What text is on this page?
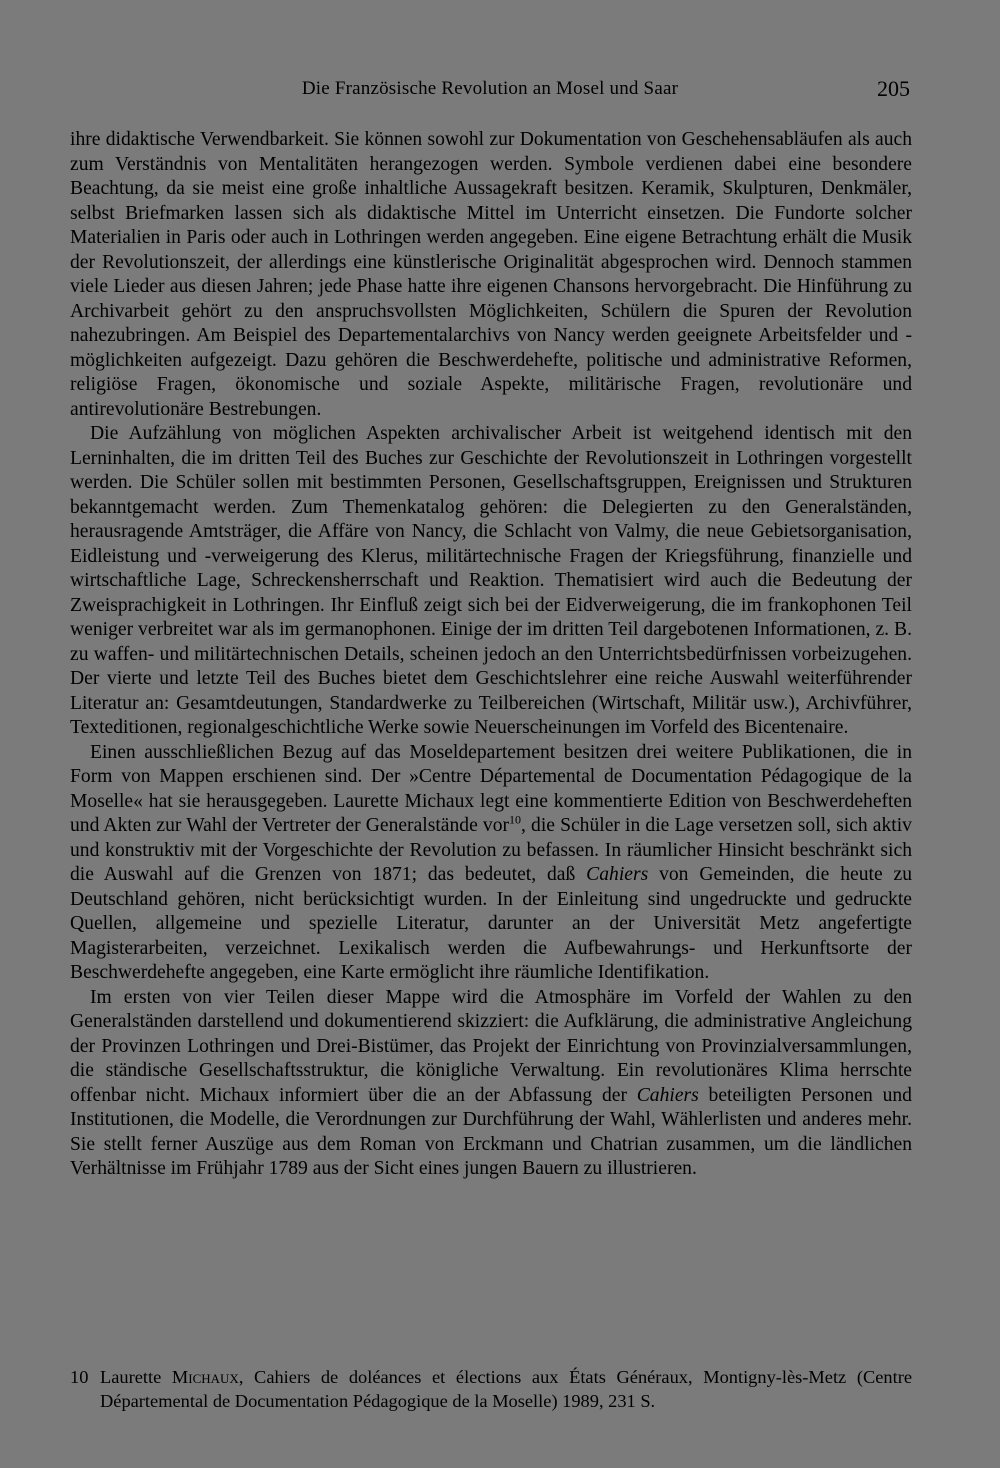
Die Französische Revolution an Mosel und Saar	205

ihre didaktische Verwendbarkeit. Sie können sowohl zur Dokumentation von Geschehensabläufen als auch zum Verständnis von Mentalitäten herangezogen werden. Symbole verdienen dabei eine besondere Beachtung, da sie meist eine große inhaltliche Aussagekraft besitzen. Keramik, Skulpturen, Denkmäler, selbst Briefmarken lassen sich als didaktische Mittel im Unterricht einsetzen. Die Fundorte solcher Materialien in Paris oder auch in Lothringen werden angegeben. Eine eigene Betrachtung erhält die Musik der Revolutionszeit, der allerdings eine künstlerische Originalität abgesprochen wird. Dennoch stammen viele Lieder aus diesen Jahren; jede Phase hatte ihre eigenen Chansons hervorgebracht. Die Hinführung zu Archivarbeit gehört zu den anspruchsvollsten Möglichkeiten, Schülern die Spuren der Revolution nahezubringen. Am Beispiel des Departementalarchivs von Nancy werden geeignete Arbeitsfelder und -möglichkeiten aufgezeigt. Dazu gehören die Beschwerdehefte, politische und administrative Reformen, religiöse Fragen, ökonomische und soziale Aspekte, militärische Fragen, revolutionäre und antirevolutionäre Bestrebungen.

Die Aufzählung von möglichen Aspekten archivalischer Arbeit ist weitgehend identisch mit den Lerninhalten, die im dritten Teil des Buches zur Geschichte der Revolutionszeit in Lothringen vorgestellt werden. Die Schüler sollen mit bestimmten Personen, Gesellschaftsgruppen, Ereignissen und Strukturen bekanntgemacht werden. Zum Themenkatalog gehören: die Delegierten zu den Generalständen, herausragende Amtsträger, die Affäre von Nancy, die Schlacht von Valmy, die neue Gebietsorganisation, Eidleistung und -verweigerung des Klerus, militärtechnische Fragen der Kriegsführung, finanzielle und wirtschaftliche Lage, Schreckensherrschaft und Reaktion. Thematisiert wird auch die Bedeutung der Zweisprachigkeit in Lothringen. Ihr Einfluß zeigt sich bei der Eidverweigerung, die im frankophonen Teil weniger verbreitet war als im germanophonen. Einige der im dritten Teil dargebotenen Informationen, z. B. zu waffen- und militärtechnischen Details, scheinen jedoch an den Unterrichtsbedürfnissen vorbeizugehen. Der vierte und letzte Teil des Buches bietet dem Geschichtslehrer eine reiche Auswahl weiterführender Literatur an: Gesamtdeutungen, Standardwerke zu Teilbereichen (Wirtschaft, Militär usw.), Archivführer, Texteditionen, regionalgeschichtliche Werke sowie Neuerscheinungen im Vorfeld des Bicentenaire.

Einen ausschließlichen Bezug auf das Moseldepartement besitzen drei weitere Publikationen, die in Form von Mappen erschienen sind. Der »Centre Départemental de Documentation Pédagogique de la Moselle« hat sie herausgegeben. Laurette Michaux legt eine kommentierte Edition von Beschwerdeheften und Akten zur Wahl der Vertreter der Generalstände vor$^{10}$, die Schüler in die Lage versetzen soll, sich aktiv und konstruktiv mit der Vorgeschichte der Revolution zu befassen. In räumlicher Hinsicht beschränkt sich die Auswahl auf die Grenzen von 1871; das bedeutet, daß Cahiers von Gemeinden, die heute zu Deutschland gehören, nicht berücksichtigt wurden. In der Einleitung sind ungedruckte und gedruckte Quellen, allgemeine und spezielle Literatur, darunter an der Universität Metz angefertigte Magisterarbeiten, verzeichnet. Lexikalisch werden die Aufbewahrungs- und Herkunftsorte der Beschwerdehefte angegeben, eine Karte ermöglicht ihre räumliche Identifikation.

Im ersten von vier Teilen dieser Mappe wird die Atmosphäre im Vorfeld der Wahlen zu den Generalständen darstellend und dokumentierend skizziert: die Aufklärung, die administrative Angleichung der Provinzen Lothringen und Drei-Bistümer, das Projekt der Einrichtung von Provinzialversammlungen, die ständische Gesellschaftsstruktur, die königliche Verwaltung. Ein revolutionäres Klima herrschte offenbar nicht. Michaux informiert über die an der Abfassung der Cahiers beteiligten Personen und Institutionen, die Modelle, die Verordnungen zur Durchführung der Wahl, Wählerlisten und anderes mehr. Sie stellt ferner Auszüge aus dem Roman von Erckmann und Chatrian zusammen, um die ländlichen Verhältnisse im Frühjahr 1789 aus der Sicht eines jungen Bauern zu illustrieren.

10 Laurette Michaux, Cahiers de doléances et élections aux États Généraux, Montigny-lès-Metz (Centre Départemental de Documentation Pédagogique de la Moselle) 1989, 231 S.
